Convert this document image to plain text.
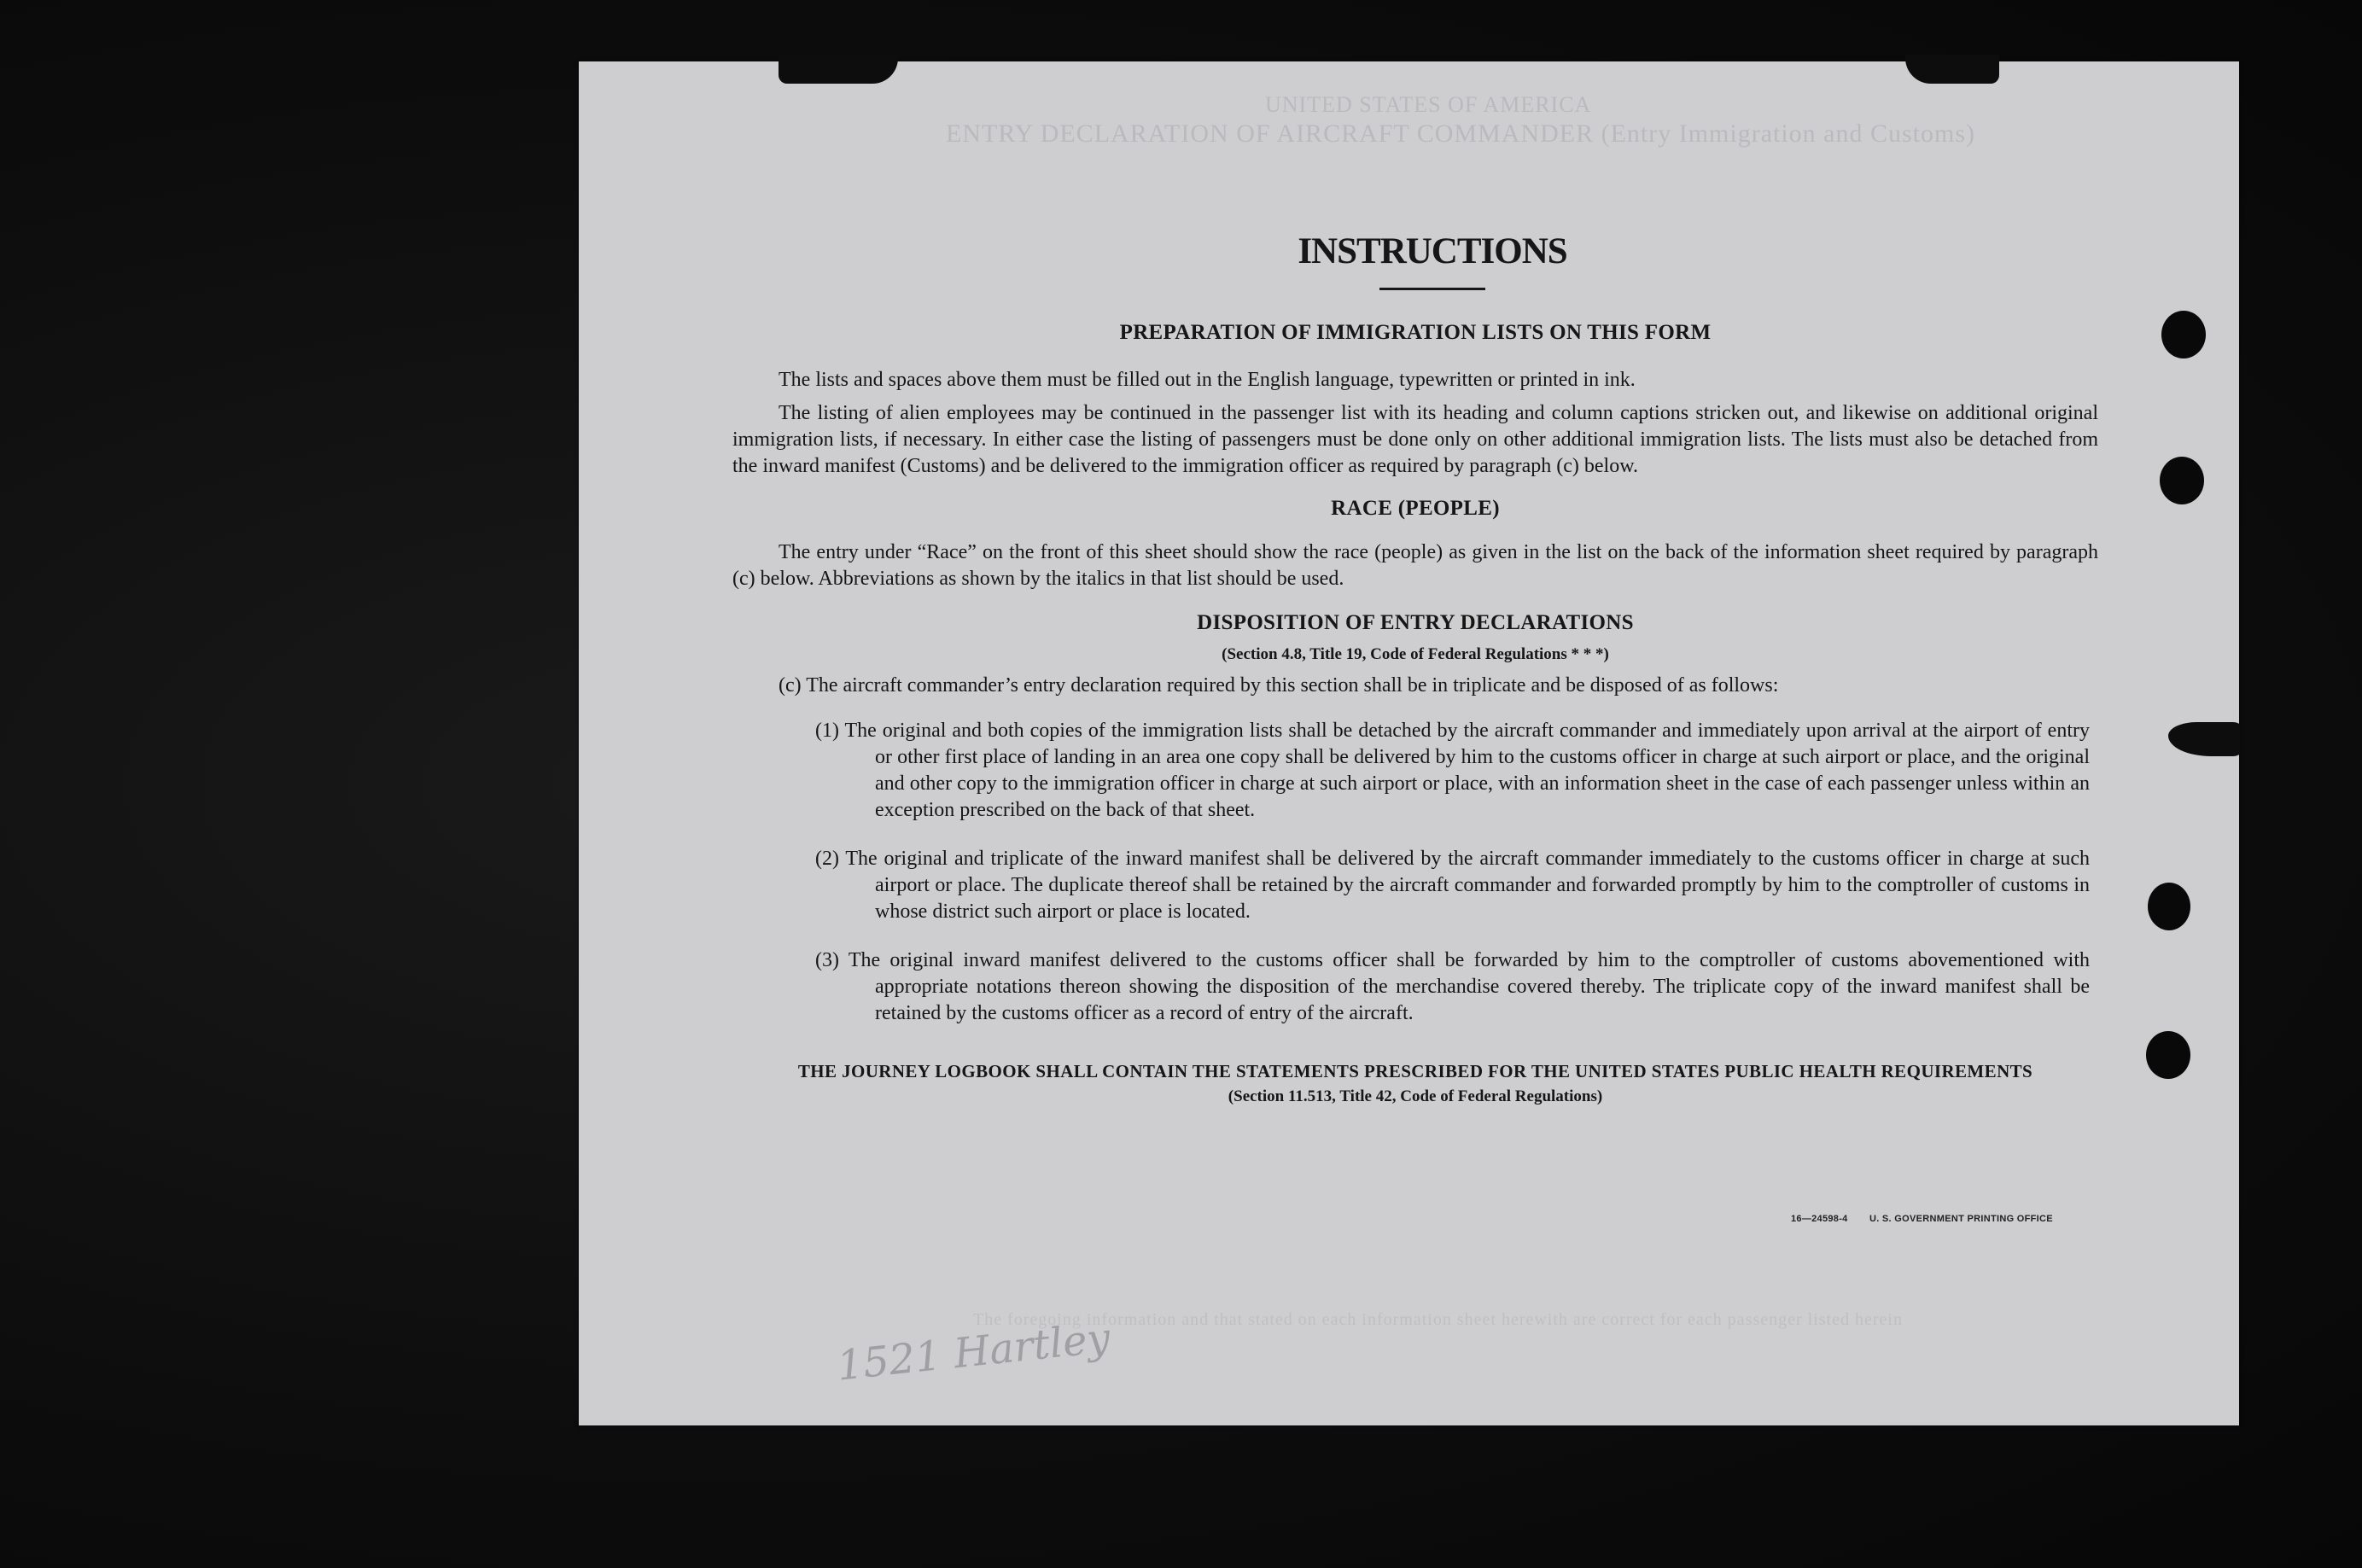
UNITED STATES OF AMERICA
ENTRY DECLARATION OF AIRCRAFT COMMANDER (Entry Immigration and Customs)
The foregoing information and that stated on each information sheet herewith are correct for each passenger listed herein
INSTRUCTIONS
PREPARATION OF IMMIGRATION LISTS ON THIS FORM
The lists and spaces above them must be filled out in the English language, typewritten or printed in ink.
The listing of alien employees may be continued in the passenger list with its heading and column captions stricken out, and likewise on additional original immigration lists, if necessary. In either case the listing of passengers must be done only on other additional immigration lists. The lists must also be detached from the inward manifest (Customs) and be delivered to the immigration officer as required by paragraph (c) below.
RACE (PEOPLE)
The entry under “Race” on the front of this sheet should show the race (people) as given in the list on the back of the information sheet required by paragraph (c) below. Abbreviations as shown by the italics in that list should be used.
DISPOSITION OF ENTRY DECLARATIONS
(Section 4.8, Title 19, Code of Federal Regulations * * *)
(c) The aircraft commander’s entry declaration required by this section shall be in triplicate and be disposed of as follows:
(1) The original and both copies of the immigration lists shall be detached by the aircraft commander and immediately upon arrival at the airport of entry or other first place of landing in an area one copy shall be delivered by him to the customs officer in charge at such airport or place, and the original and other copy to the immigration officer in charge at such airport or place, with an information sheet in the case of each passenger unless within an exception prescribed on the back of that sheet.
(2) The original and triplicate of the inward manifest shall be delivered by the aircraft commander immediately to the customs officer in charge at such airport or place. The duplicate thereof shall be retained by the aircraft commander and forwarded promptly by him to the comptroller of customs in whose district such airport or place is located.
(3) The original inward manifest delivered to the customs officer shall be forwarded by him to the comptroller of customs abovementioned with appropriate notations thereon showing the disposition of the merchandise covered thereby. The triplicate copy of the inward manifest shall be retained by the customs officer as a record of entry of the aircraft.
THE JOURNEY LOGBOOK SHALL CONTAIN THE STATEMENTS PRESCRIBED FOR THE UNITED STATES PUBLIC HEALTH REQUIREMENTS
(Section 11.513, Title 42, Code of Federal Regulations)
16—24598-4 U. S. GOVERNMENT PRINTING OFFICE
1521 Hartley
